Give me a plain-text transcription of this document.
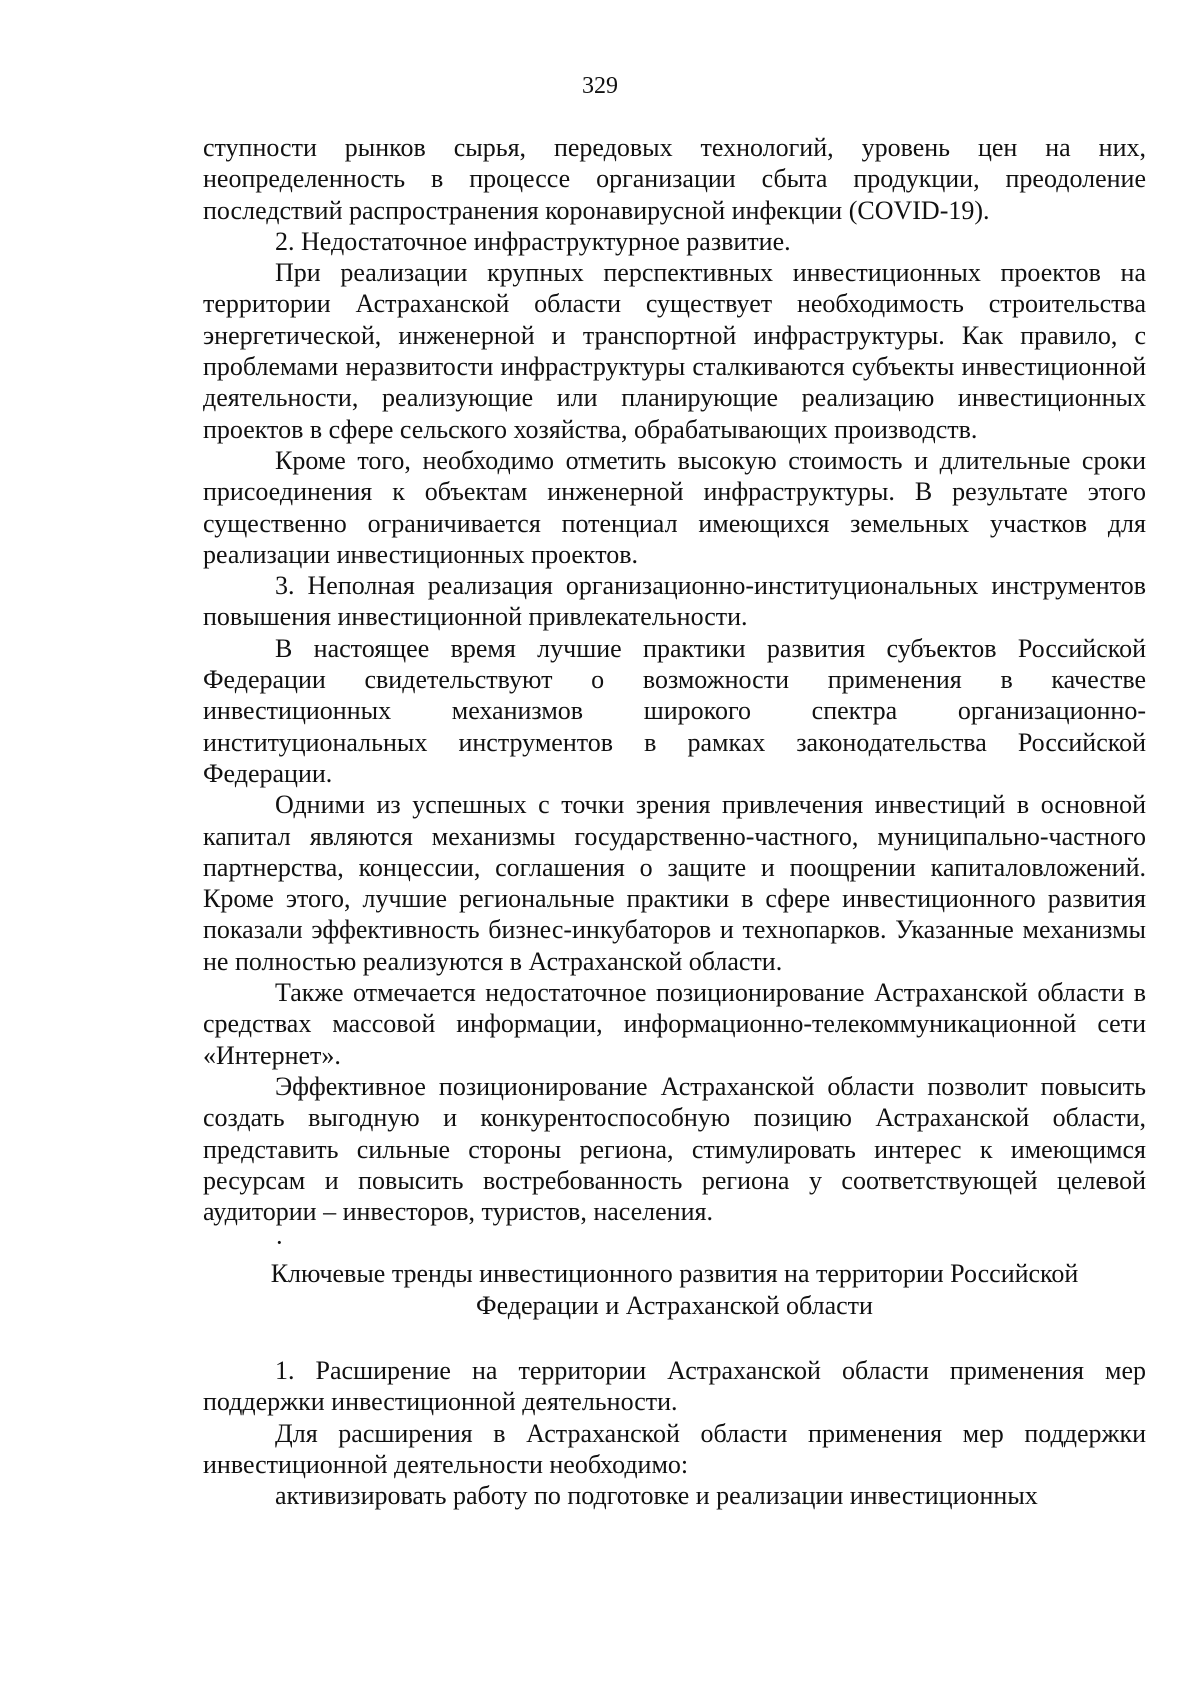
329

ступности рынков сырья, передовых технологий, уровень цен на них, неопределенность в процессе организации сбыта продукции, преодоление последствий распространения коронавирусной инфекции (COVID-19).

2. Недостаточное инфраструктурное развитие.

При реализации крупных перспективных инвестиционных проектов на территории Астраханской области существует необходимость строительства энергетической, инженерной и транспортной инфраструктуры. Как правило, с проблемами неразвитости инфраструктуры сталкиваются субъекты инвестиционной деятельности, реализующие или планирующие реализацию инвестиционных проектов в сфере сельского хозяйства, обрабатывающих производств.

Кроме того, необходимо отметить высокую стоимость и длительные сроки присоединения к объектам инженерной инфраструктуры. В результате этого существенно ограничивается потенциал имеющихся земельных участков для реализации инвестиционных проектов.

3. Неполная реализация организационно-институциональных инструментов повышения инвестиционной привлекательности.

В настоящее время лучшие практики развития субъектов Российской Федерации свидетельствуют о возможности применения в качестве инвестиционных механизмов широкого спектра организационно-институциональных инструментов в рамках законодательства Российской Федерации.

Одними из успешных с точки зрения привлечения инвестиций в основной капитал являются механизмы государственно-частного, муниципально-частного партнерства, концессии, соглашения о защите и поощрении капиталовложений. Кроме этого, лучшие региональные практики в сфере инвестиционного развития показали эффективность бизнес-инкубаторов и технопарков. Указанные механизмы не полностью реализуются в Астраханской области.

Также отмечается недостаточное позиционирование Астраханской области в средствах массовой информации, информационно-телекоммуникационной сети «Интернет».

Эффективное позиционирование Астраханской области позволит повысить создать выгодную и конкурентоспособную позицию Астраханской области, представить сильные стороны региона, стимулировать интерес к имеющимся ресурсам и повысить востребованность региона у соответствующей целевой аудитории – инвесторов, туристов, населения.

·

Ключевые тренды инвестиционного развития на территории Российской Федерации и Астраханской области

1. Расширение на территории Астраханской области применения мер поддержки инвестиционной деятельности.

Для расширения в Астраханской области применения мер поддержки инвестиционной деятельности необходимо:

активизировать работу по подготовке и реализации инвестиционных
